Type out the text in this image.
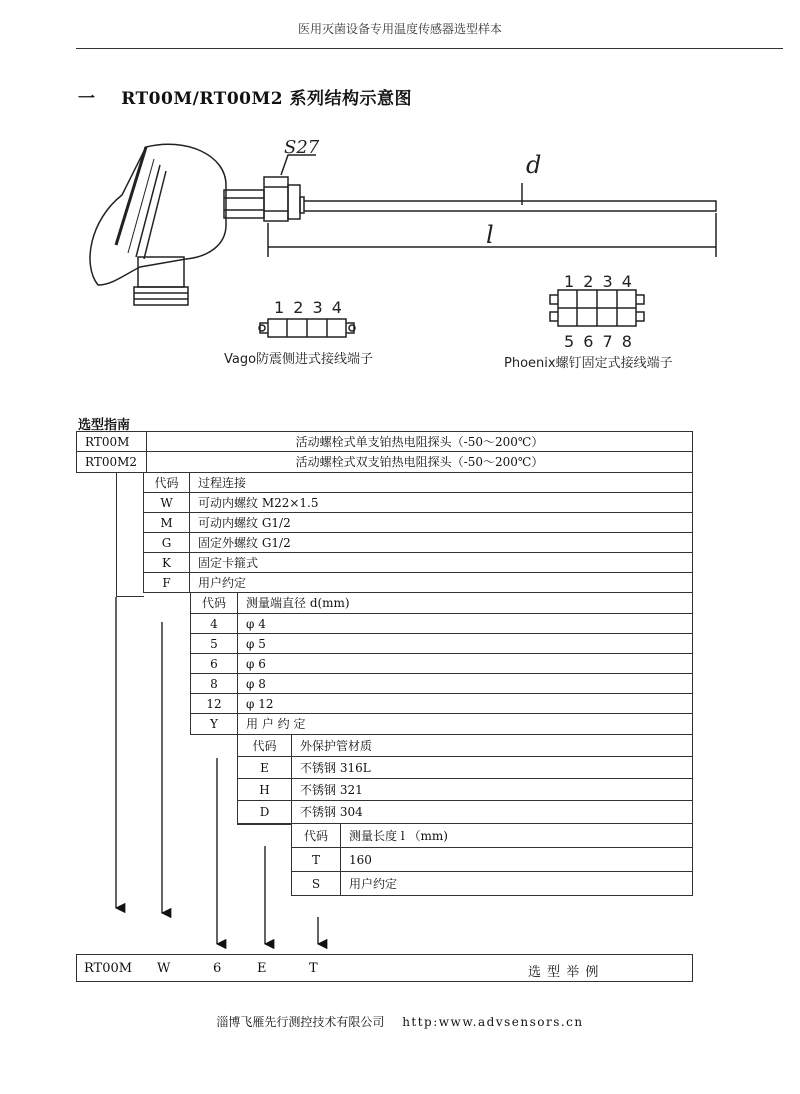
医用灭菌设备专用温度传感器选型样本
一 RT00M/RT00M2 系列结构示意图
S27
d
l
1 2 3 4
Vago防震侧进式接线端子
1 2 3 4
5 6 7 8
Phoenix螺钉固定式接线端子
选型指南
RT00M	活动螺栓式单支铂热电阻探头（-50～200℃）
RT00M2	活动螺栓式双支铂热电阻探头（-50～200℃）
代码	过程连接
W	可动内螺纹 M22×1.5
M	可动内螺纹 G1/2
G	固定外螺纹 G1/2
K	固定卡箍式
F	用户约定
代码	测量端直径 d(mm)
4	φ 4
5	φ 5
6	φ 6
8	φ 8
12	φ 12
Y	用 户 约 定
代码	外保护管材质
E	不锈钢 316L
H	不锈钢 321
D	不锈钢 304
代码	测量长度 l （mm)
T	160
S	用户约定
RT00M W	6	E	T	选 型 举 例
淄博飞雁先行测控技术有限公司 http:www.advsensors.cn
